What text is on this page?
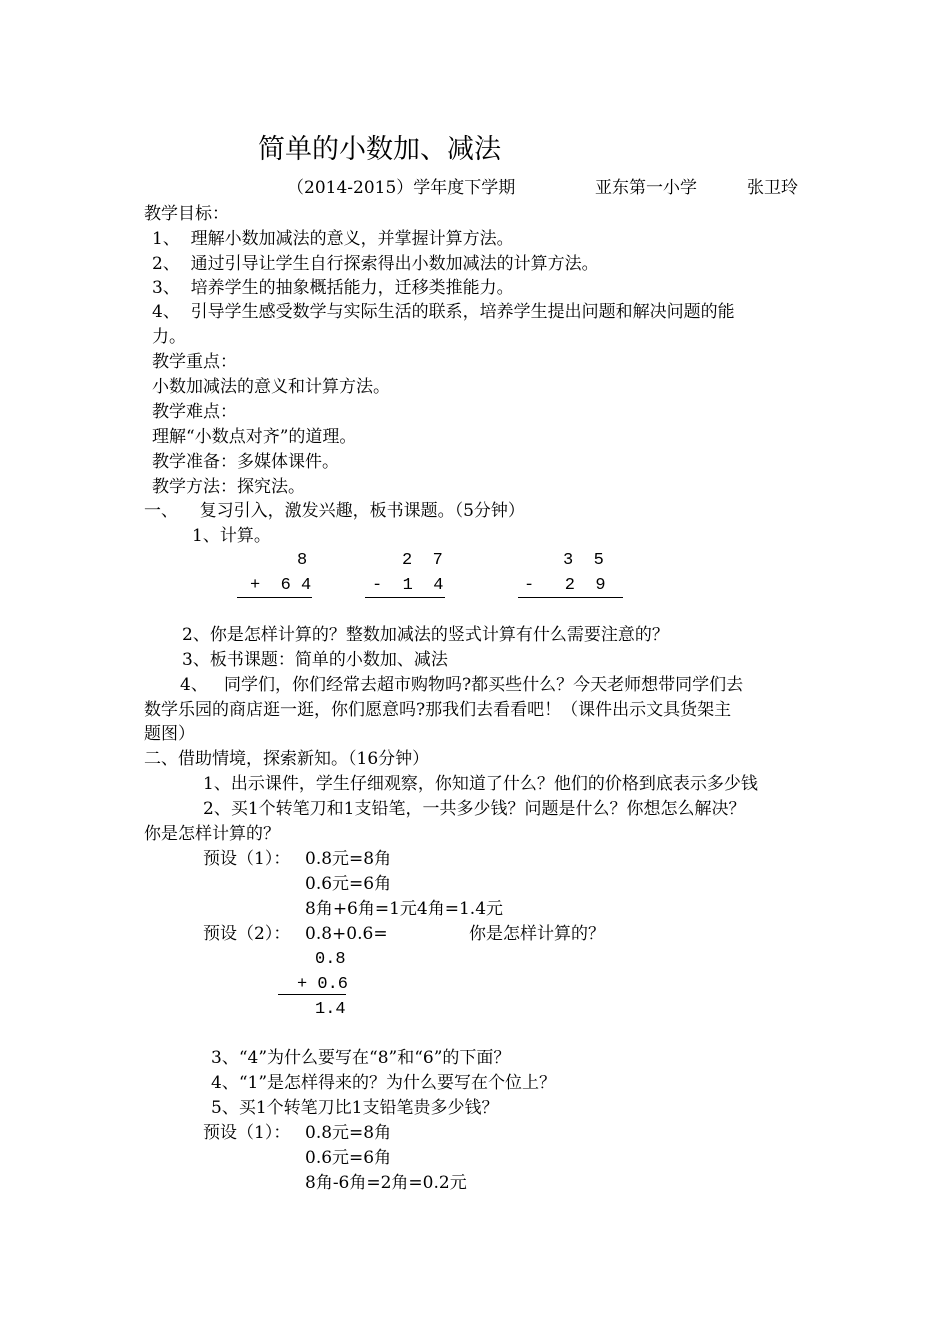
简单的小数加、减法
（2014-2015）学年度下学期	亚东第一小学	张卫玲
教学目标：
1、  理解小数加减法的意义，并掌握计算方法。
2、  通过引导让学生自行探索得出小数加减法的计算方法。
3、  培养学生的抽象概括能力，迁移类推能力。
4、  引导学生感受数学与实际生活的联系，培养学生提出问题和解决问题的能
力。
教学重点：
小数加减法的意义和计算方法。
教学难点：
理解“小数点对齐”的道理。
教学准备：多媒体课件。
教学方法：探究法。
一、    复习引入，激发兴趣，板书课题。（5分钟）
1、计算。
8
+  6 4
2  7
-  1  4
3  5
-   2  9
2、你是怎样计算的？整数加减法的竖式计算有什么需要注意的？
3、板书课题：简单的小数加、减法
4、   同学们，你们经常去超市购物吗?都买些什么？今天老师想带同学们去
数学乐园的商店逛一逛，你们愿意吗?那我们去看看吧！（课件出示文具货架主
题图）
二、借助情境，探索新知。（16分钟）
1、出示课件，学生仔细观察，你知道了什么？他们的价格到底表示多少钱
2、买1个转笔刀和1支铅笔，一共多少钱？问题是什么？你想怎么解决？
你是怎样计算的？
预设（1）： 0.8元=8角
0.6元=6角
8角+6角=1元4角=1.4元
预设（2）： 0.8+0.6=	你是怎样计算的？
0.8
+ 0.6
1.4
3、“4”为什么要写在“8”和“6”的下面？
4、“1”是怎样得来的？为什么要写在个位上？
5、买1个转笔刀比1支铅笔贵多少钱？
预设（1）： 0.8元=8角
0.6元=6角
8角-6角=2角=0.2元
